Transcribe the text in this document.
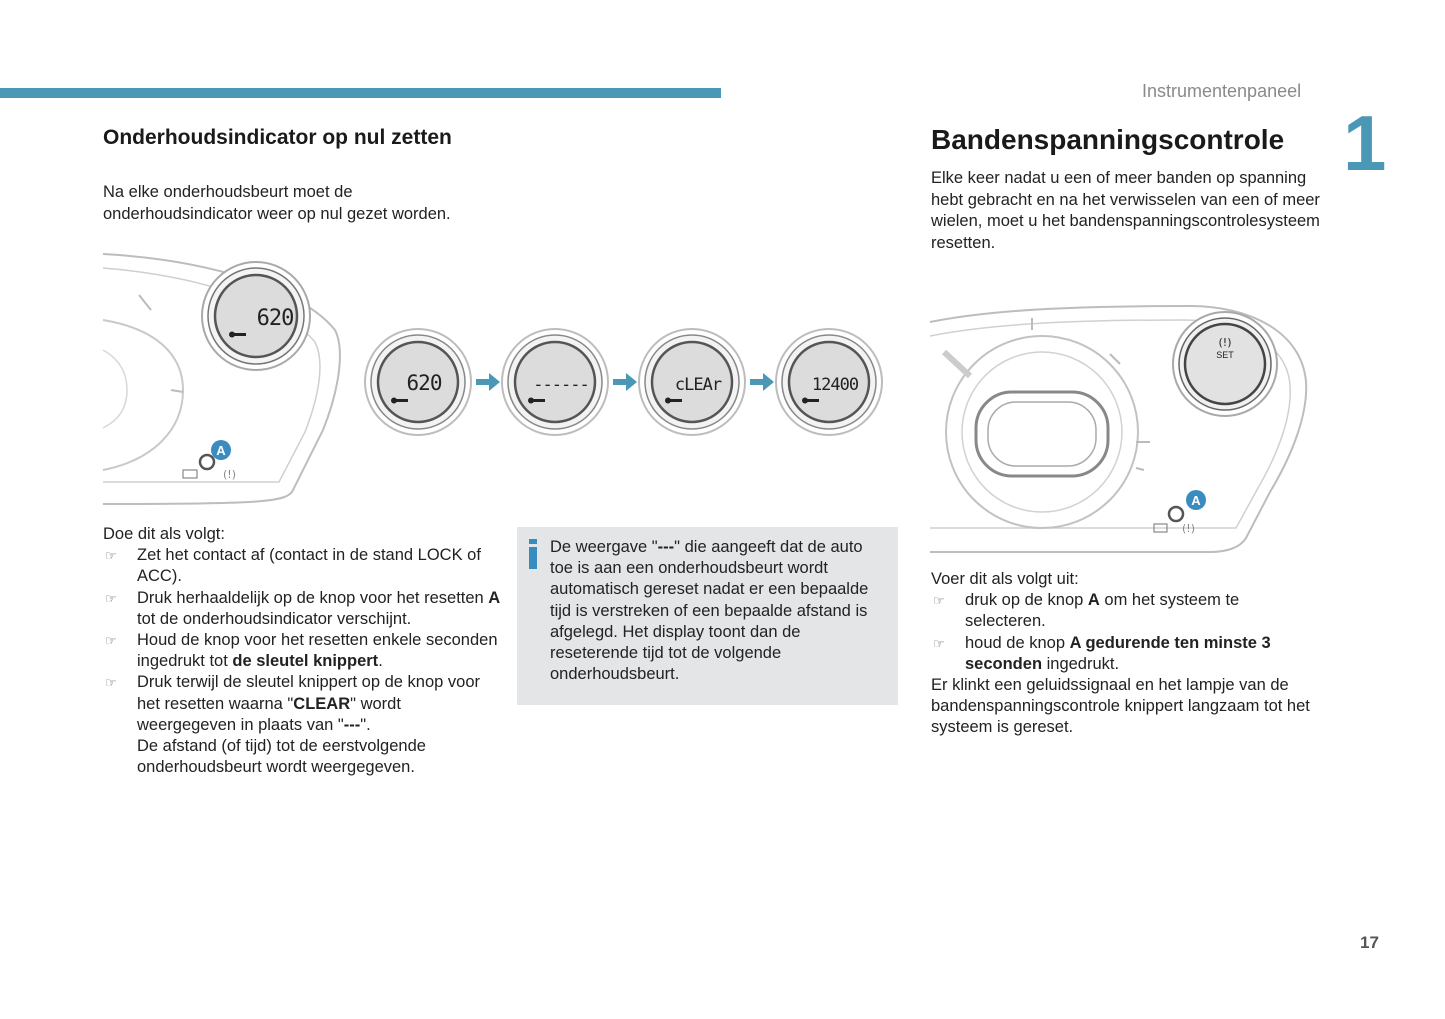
Instrumentenpaneel
1
Onderhoudsindicator op nul zetten
Na elke onderhoudsbeurt moet de onderhoudsindicator weer op nul gezet worden.
620
(!)
A
620	------	cLEAr	12400
Doe dit als volgt:
☞ Zet het contact af (contact in de stand LOCK of ACC).
☞ Druk herhaaldelijk op de knop voor het resetten A tot de onderhoudsindicator verschijnt.
☞ Houd de knop voor het resetten enkele seconden ingedrukt tot de sleutel knippert.
☞ Druk terwijl de sleutel knippert op de knop voor het resetten waarna "CLEAR" wordt weergegeven in plaats van "---".
De afstand (of tijd) tot de eerstvolgende onderhoudsbeurt wordt weergegeven.
De weergave "---" die aangeeft dat de auto toe is aan een onderhoudsbeurt wordt automatisch gereset nadat er een bepaalde tijd is verstreken of een bepaalde afstand is afgelegd. Het display toont dan de reseterende tijd tot de volgende onderhoudsbeurt.
Bandenspanningscontrole
Elke keer nadat u een of meer banden op spanning hebt gebracht en na het verwisselen van een of meer wielen, moet u het bandenspanningscontrolesysteem resetten.
(!)
SET
(!)
A
Voer dit als volgt uit:
☞ druk op de knop A om het systeem te selecteren.
☞ houd de knop A gedurende ten minste 3 seconden ingedrukt.
Er klinkt een geluidssignaal en het lampje van de bandenspanningscontrole knippert langzaam tot het systeem is gereset.
17
